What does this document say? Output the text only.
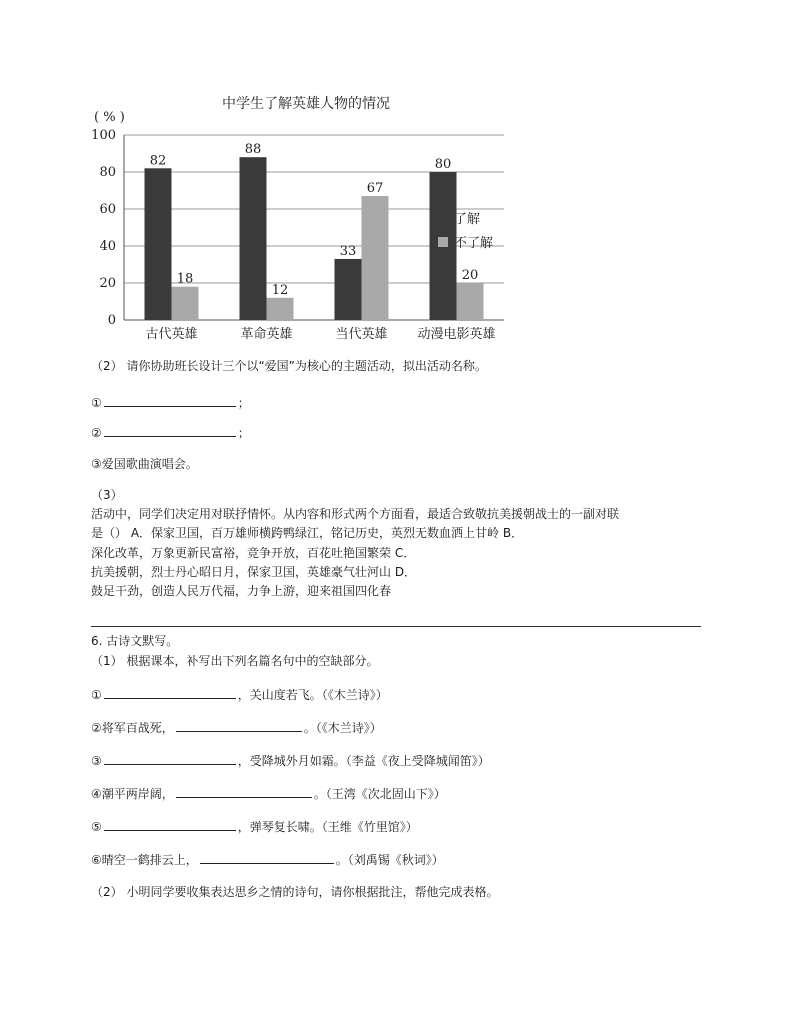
中学生了解英雄人物的情况
( % )
0
20
40
60
80
100
82
18
88
12
33
67
80
20
古代英雄	革命英雄	当代英雄 动漫电影英雄
了解
不了解
（2） 请你协助班长设计三个以“爱国”为核心的主题活动，拟出活动名称。
①	；
②	；
③爱国歌曲演唱会。
（3）
活动中，同学们决定用对联抒情怀。从内容和形式两个方面看，最适合致敬抗美援朝战士的一副对联
是（） A．保家卫国，百万雄师横跨鸭绿江，铭记历史，英烈无数血洒上甘岭 B．
深化改革，万象更新民富裕，竞争开放，百花吐艳国繁荣 C．
抗美援朝，烈士丹心昭日月，保家卫国，英雄豪气壮河山 D．
鼓足干劲，创造人民万代福，力争上游，迎来祖国四化春
6. 古诗文默写。
（1） 根据课本，补写出下列名篇名句中的空缺部分。
①	，关山度若飞。（《木兰诗》）
②将军百战死，	。（《木兰诗》）
③	，受降城外月如霜。（李益《夜上受降城闻笛》）
④潮平两岸阔，	。（王湾《次北固山下》）
⑤	，弹琴复长啸。（王维《竹里馆》）
⑥晴空一鹤排云上，	。（刘禹锡《秋词》）
（2） 小明同学要收集表达思乡之情的诗句，请你根据批注，帮他完成表格。
